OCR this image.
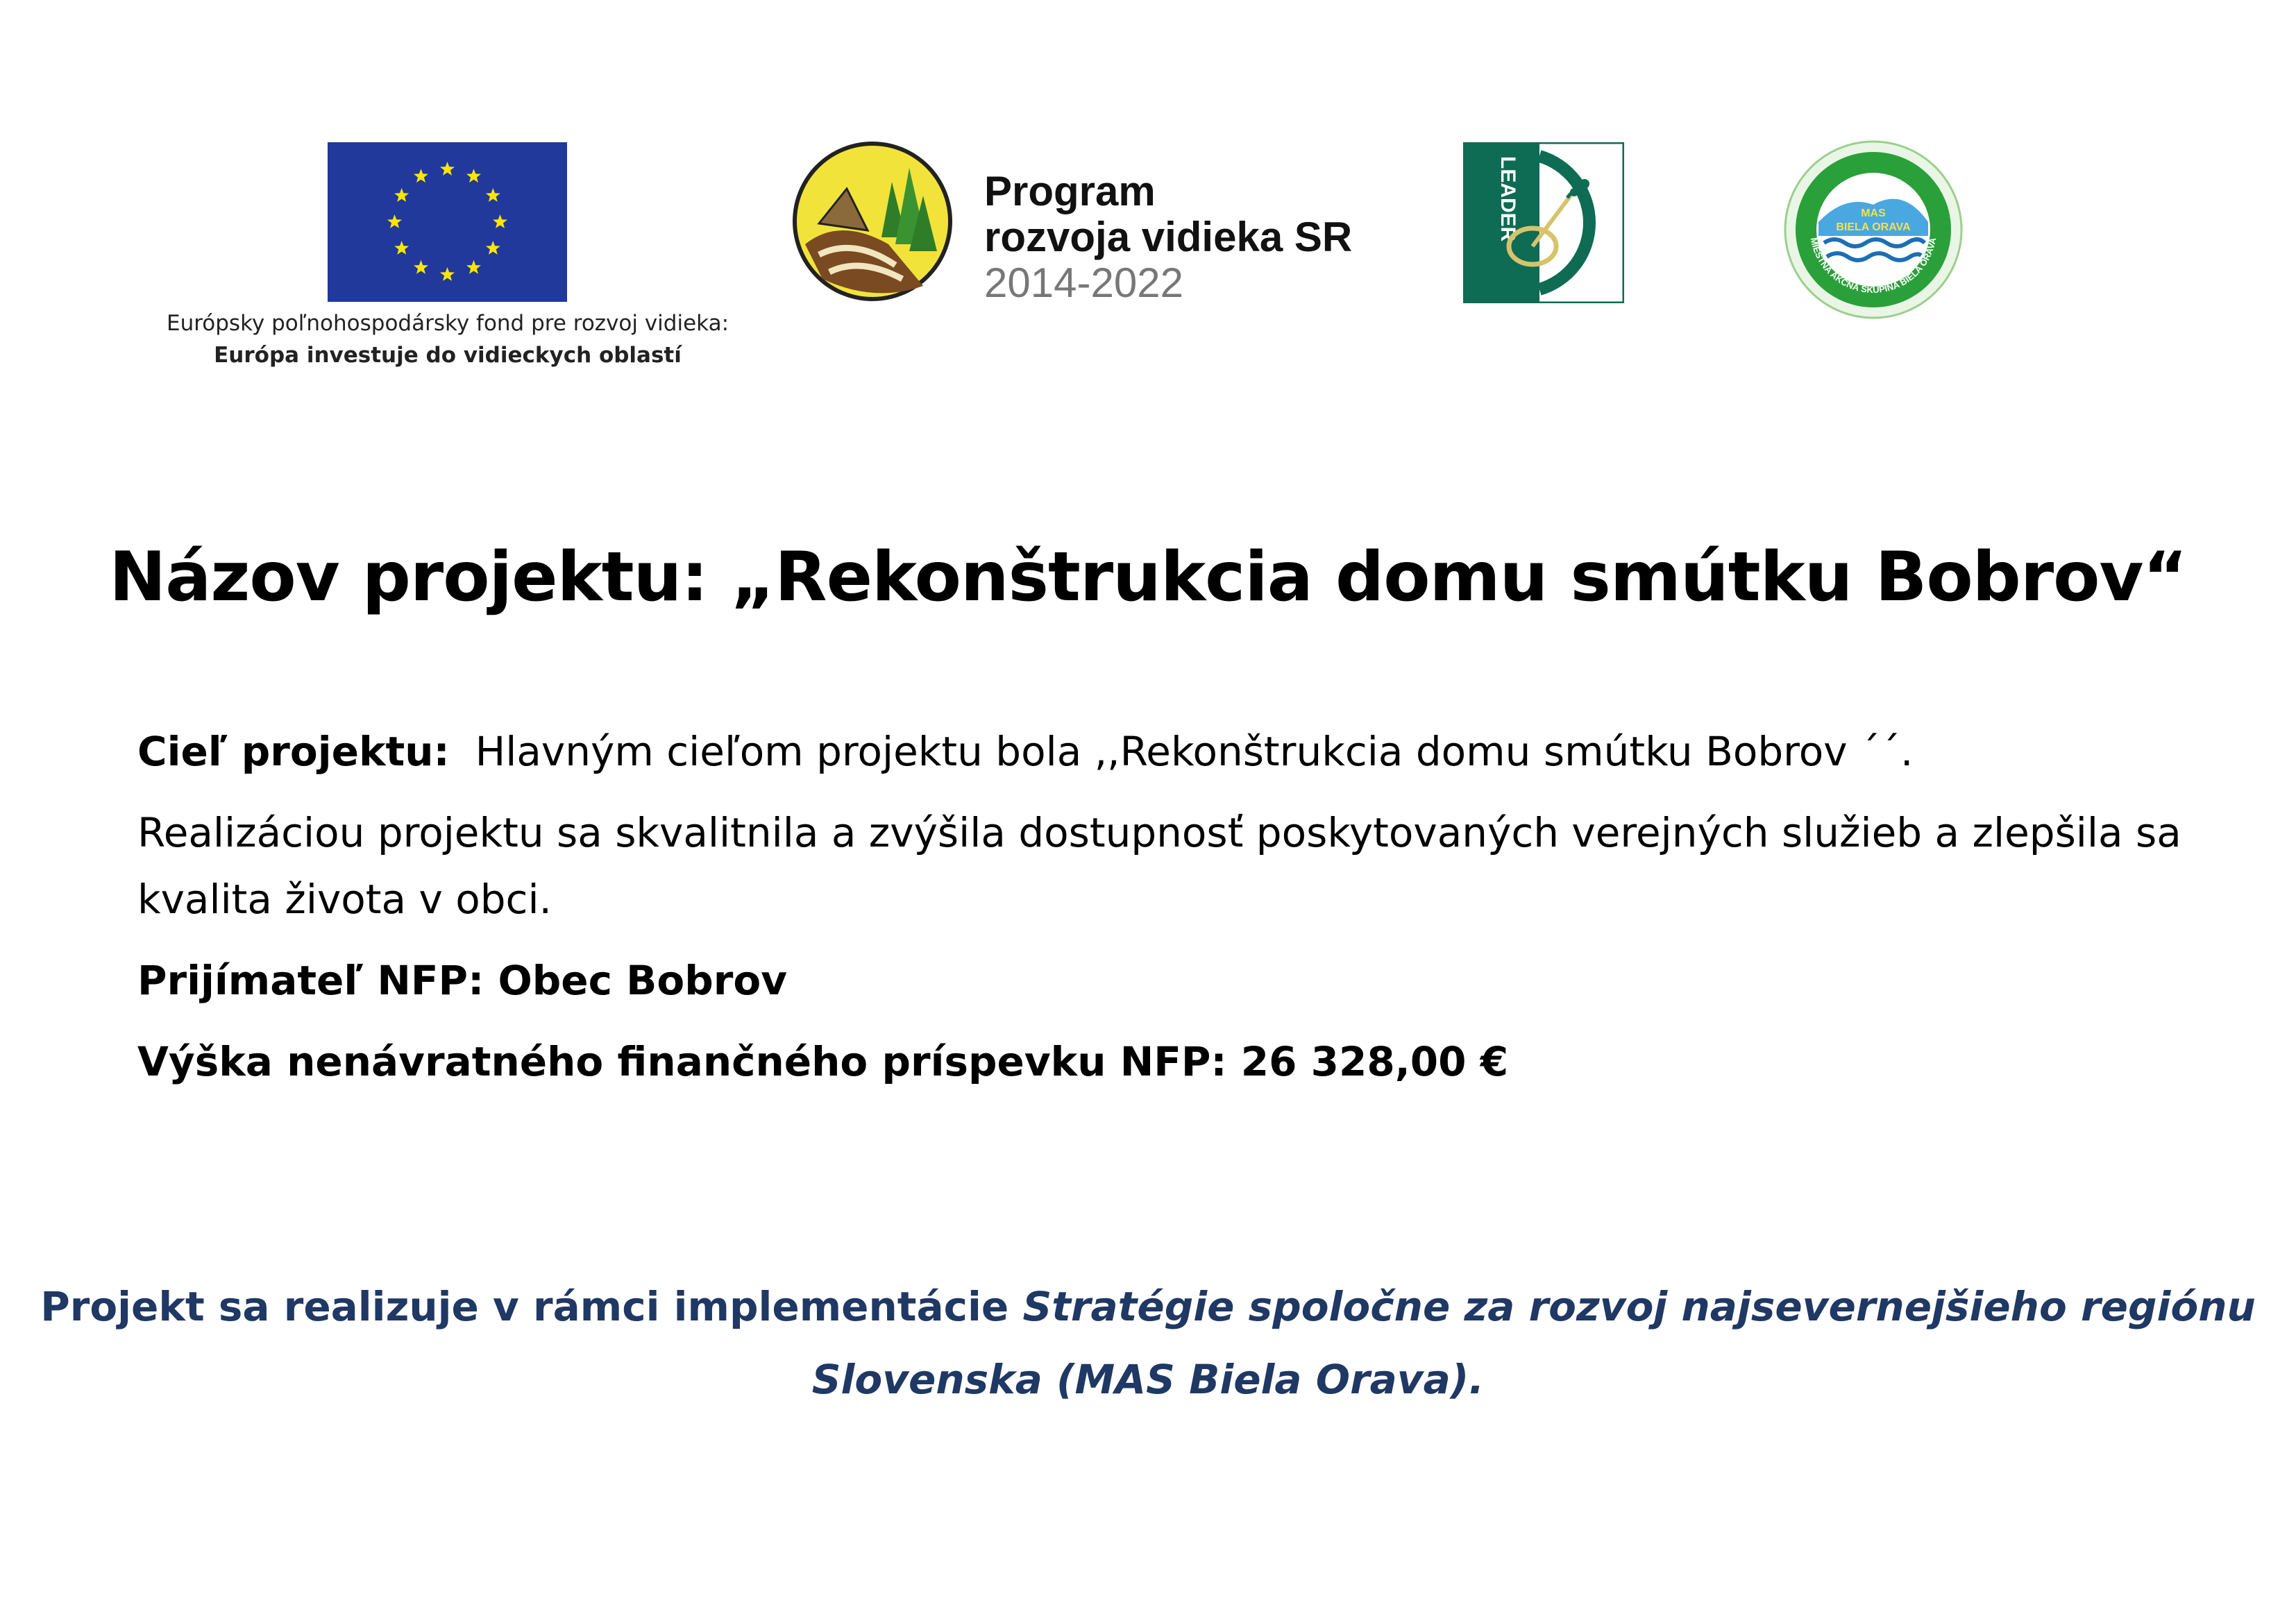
Európsky poľnohospodársky fond pre rozvoj vidieka:
Európa investuje do vidieckych oblastí
Program
rozvoja vidieka SR
2014-2022
LEADER	MAS
BIELA ORAVA
MIESTNA AKČNÁ SKUPINA BIELA ORAVA
Názov projektu: „Rekonštrukcia domu smútku Bobrov“
Cieľ projektu: Hlavným cieľom projektu bola ,,Rekonštrukcia domu smútku Bobrov ´´.
Realizáciou projektu sa skvalitnila a zvýšila dostupnosť poskytovaných verejných služieb a zlepšila sa
kvalita života v obci.
Prijímateľ NFP: Obec Bobrov
Výška nenávratného finančného príspevku NFP: 26 328,00 €
Projekt sa realizuje v rámci implementácie Stratégie spoločne za rozvoj najsevernejšieho regiónu
Slovenska (MAS Biela Orava).
